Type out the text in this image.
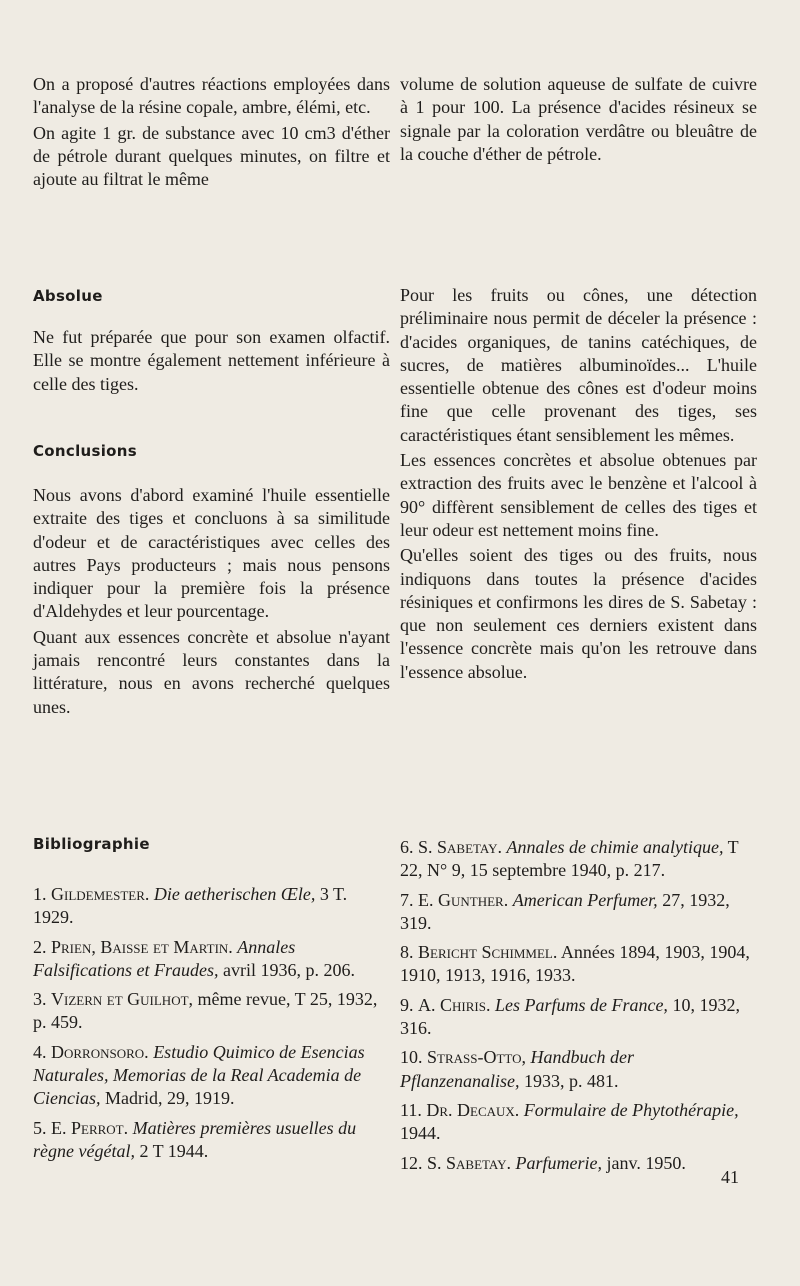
On a proposé d'autres réactions employées dans l'analyse de la résine copale, ambre, élémi, etc.

On agite 1 gr. de substance avec 10 cm3 d'éther de pétrole durant quelques minutes, on filtre et ajoute au filtrat le même

Absolue

Ne fut préparée que pour son examen olfactif. Elle se montre également nettement inférieure à celle des tiges.

Conclusions

Nous avons d'abord examiné l'huile essentielle extraite des tiges et concluons à sa similitude d'odeur et de caractéristiques avec celles des autres Pays producteurs ; mais nous pensons indiquer pour la première fois la présence d'Aldehydes et leur pourcentage.

Quant aux essences concrète et absolue n'ayant jamais rencontré leurs constantes dans la littérature, nous en avons recherché quelques unes.

Bibliographie

1. Gildemester. Die aetherischen Œle, 3 T. 1929.

2. Prien, Baisse et Martin. Annales Falsifications et Fraudes, avril 1936, p. 206.

3. Vizern et Guilhot, même revue, T 25, 1932, p. 459.

4. Dorronsoro. Estudio Quimico de Esencias Naturales, Memorias de la Real Academia de Ciencias, Madrid, 29, 1919.

5. E. Perrot. Matières premières usuelles du règne végétal, 2 T 1944.

volume de solution aqueuse de sulfate de cuivre à 1 pour 100. La présence d'acides résineux se signale par la coloration verdâtre ou bleuâtre de la couche d'éther de pétrole.

Pour les fruits ou cônes, une détection préliminaire nous permit de déceler la présence : d'acides organiques, de tanins catéchiques, de sucres, de matières albuminoïdes... L'huile essentielle obtenue des cônes est d'odeur moins fine que celle provenant des tiges, ses caractéristiques étant sensiblement les mêmes.

Les essences concrètes et absolue obtenues par extraction des fruits avec le benzène et l'alcool à 90° diffèrent sensiblement de celles des tiges et leur odeur est nettement moins fine.

Qu'elles soient des tiges ou des fruits, nous indiquons dans toutes la présence d'acides résiniques et confirmons les dires de S. Sabetay : que non seulement ces derniers existent dans l'essence concrète mais qu'on les retrouve dans l'essence absolue.

6. S. Sabetay. Annales de chimie analytique, T 22, N° 9, 15 septembre 1940, p. 217.

7. E. Gunther. American Perfumer, 27, 1932, 319.

8. Bericht Schimmel. Années 1894, 1903, 1904, 1910, 1913, 1916, 1933.

9. A. Chiris. Les Parfums de France, 10, 1932, 316.

10. Strass-Otto, Handbuch der Pflanzenanalise, 1933, p. 481.

11. Dr. Decaux. Formulaire de Phytothérapie, 1944.

12. S. Sabetay. Parfumerie, janv. 1950.

41
